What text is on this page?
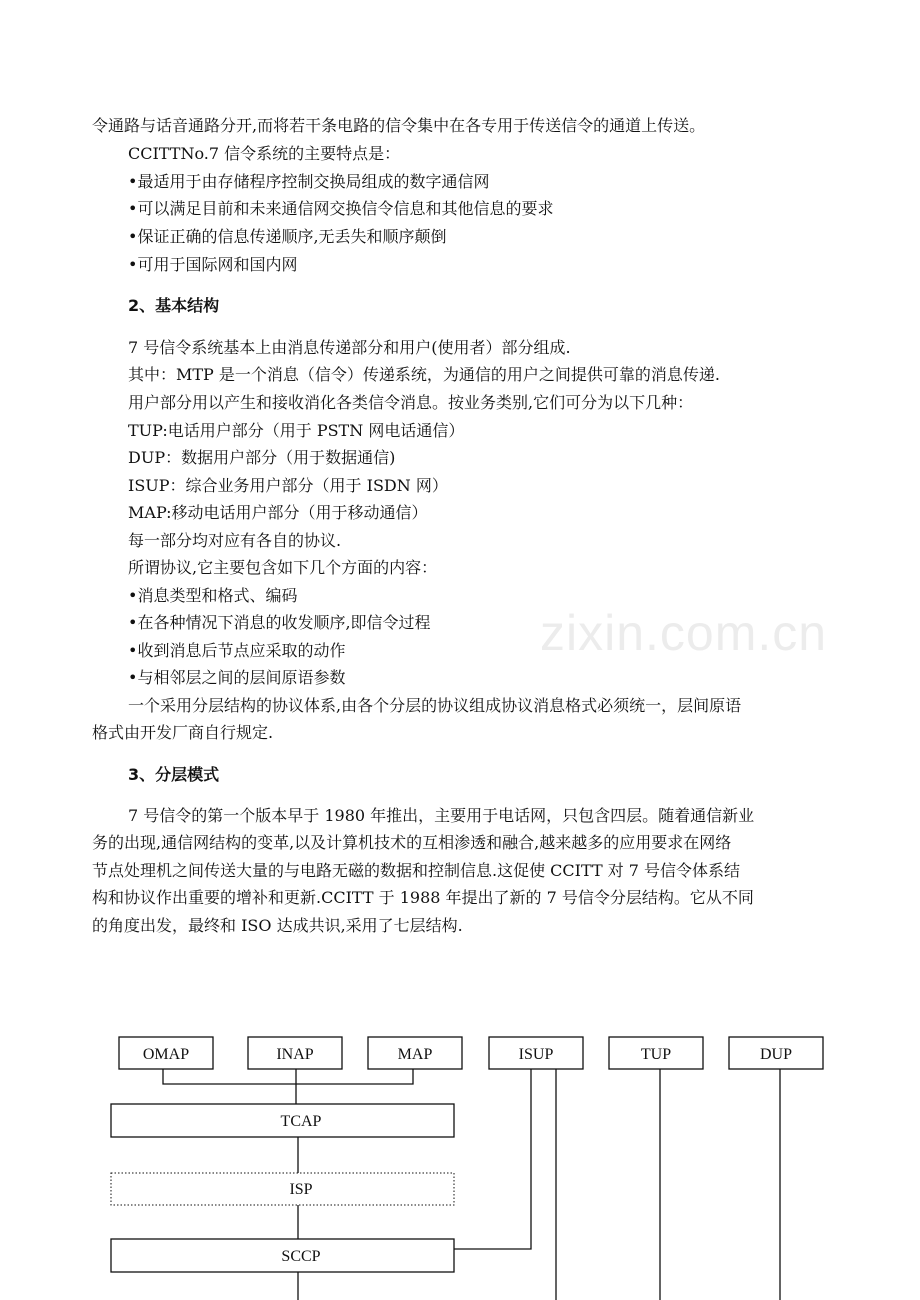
令通路与话音通路分开,而将若干条电路的信令集中在各专用于传送信令的通道上传送。
CCITTNo.7 信令系统的主要特点是：
•最适用于由存储程序控制交换局组成的数字通信网
•可以满足目前和未来通信网交换信令信息和其他信息的要求
•保证正确的信息传递顺序,无丢失和顺序颠倒
•可用于国际网和国内网
2、基本结构
7 号信令系统基本上由消息传递部分和用户(使用者）部分组成.
其中：MTP 是一个消息（信令）传递系统，为通信的用户之间提供可靠的消息传递.
用户部分用以产生和接收消化各类信令消息。按业务类别,它们可分为以下几种：
TUP:电话用户部分（用于 PSTN 网电话通信）
DUP：数据用户部分（用于数据通信)
ISUP：综合业务用户部分（用于 ISDN 网）
MAP:移动电话用户部分（用于移动通信）
每一部分均对应有各自的协议.
所谓协议,它主要包含如下几个方面的内容：
•消息类型和格式、编码
•在各种情况下消息的收发顺序,即信令过程
•收到消息后节点应采取的动作
•与相邻层之间的层间原语参数
一个采用分层结构的协议体系,由各个分层的协议组成协议消息格式必须统一，层间原语
格式由开发厂商自行规定.
3、分层模式
7 号信令的第一个版本早于 1980 年推出，主要用于电话网，只包含四层。随着通信新业
务的出现,通信网结构的变革,以及计算机技术的互相渗透和融合,越来越多的应用要求在网络
节点处理机之间传送大量的与电路无磁的数据和控制信息.这促使 CCITT 对 7 号信令体系结
构和协议作出重要的增补和更新.CCITT 于 1988 年提出了新的 7 号信令分层结构。它从不同
的角度出发，最终和 ISO 达成共识,采用了七层结构.
zixin.com.cn
OMAP	INAP	MAP	ISUP	TUP	DUP
TCAP
ISP
SCCP
